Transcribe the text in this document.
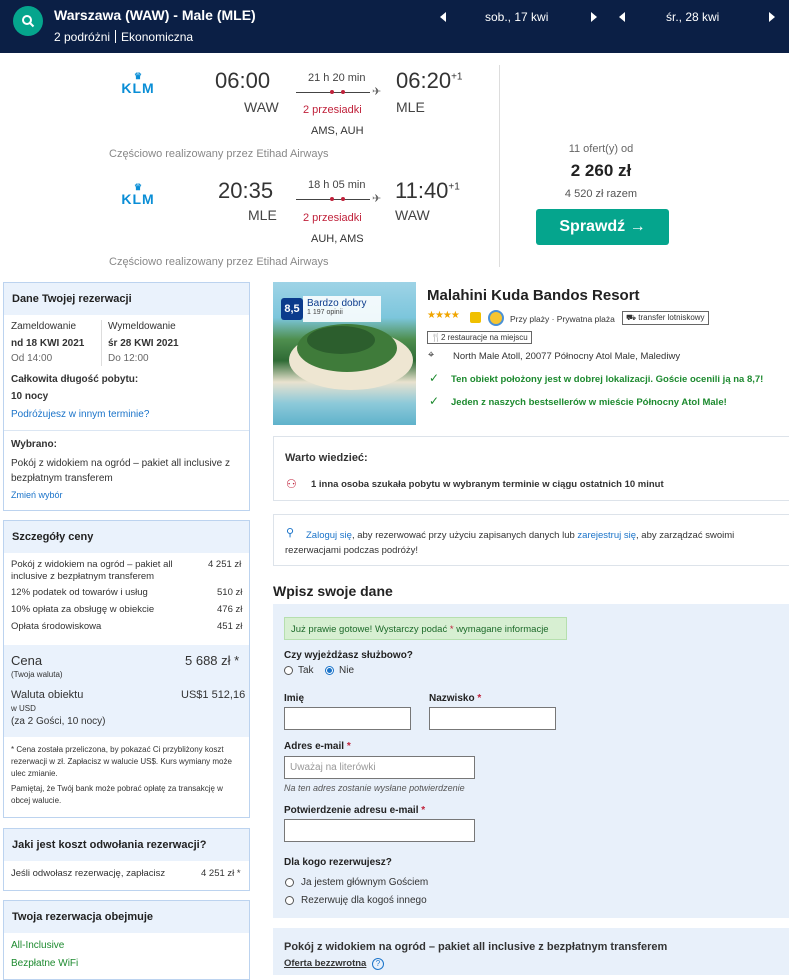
Warszawa (WAW) - Male (MLE)
2 podróżni Ekonomiczna
sob., 17 kwi	śr., 28 kwi
♛
KLM	06:00
WAW
21 h 20 min
✈
2 przesiadki
AMS, AUH
$06:20^{+1}$
MLE
Częściowo realizowany przez Etihad Airways
♛
KLM	20:35
MLE
18 h 05 min
✈
2 przesiadki
AUH, AMS
$11:40^{+1}$
WAW
Częściowo realizowany przez Etihad Airways
11 ofert(y) od
2 260 zł
4 520 zł razem
Sprawdź →
Dane Twojej rezerwacji
Zameldowanie
nd 18 KWI 2021
Od 14:00
Wymeldowanie
śr 28 KWI 2021
Do 12:00
Całkowita długość pobytu:
10 nocy
Podróżujesz w innym terminie?
Wybrano:
Pokój z widokiem na ogród – pakiet all inclusive z bezpłatnym transferem
Zmień wybór
Szczegóły ceny
Pokój z widokiem na ogród – pakiet all inclusive z bezpłatnym transferem
4 251 zł
12% podatek od towarów i usług	510 zł
10% opłata za obsługę w obiekcie	476 zł
Opłata środowiskowa	451 zł
Cena
(Twoja waluta)
5 688 zł *
Waluta obiektu
w USD
US$1 512,16
(za 2 Gości, 10 nocy)
* Cena została przeliczona, by pokazać Ci przybliżony koszt rezerwacji w zł. Zapłacisz w walucie US$. Kurs wymiany może ulec zmianie.
Pamiętaj, że Twój bank może pobrać opłatę za transakcję w obcej walucie.
Jaki jest koszt odwołania rezerwacji?
Jeśli odwołasz rezerwację, zapłacisz	4 251 zł *
Twoja rezerwacja obejmuje
All-Inclusive
Bezpłatne WiFi
8,5 Bardzo dobry
1 197 opinii
Malahini Kuda Bandos Resort
★★★★	Przy plaży · Prywatna plaża	⛟ transfer lotniskowy
🍴2 restauracje na miejscu
⌖ North Male Atoll, 20077 Północny Atol Male, Malediwy
✓ Ten obiekt położony jest w dobrej lokalizacji. Goście ocenili ją na 8,7!
✓ Jeden z naszych bestsellerów w mieście Północny Atol Male!
Warto wiedzieć:
⚇ 1 inna osoba szukała pobytu w wybranym terminie w ciągu ostatnich 10 minut
⚲ Zaloguj się, aby rezerwować przy użyciu zapisanych danych lub zarejestruj się, aby zarządzać swoimi
rezerwacjami podczas podróży!
Wpisz swoje dane
Już prawie gotowe! Wystarczy podać * wymagane informacje
Czy wyjeżdżasz służbowo?
Tak	Nie
Imię	Nazwisko *
Adres e-mail *
Uważaj na literówki
Na ten adres zostanie wysłane potwierdzenie
Potwierdzenie adresu e-mail *
Dla kogo rezerwujesz?
Ja jestem głównym Gościem
Rezerwuję dla kogoś innego
Pokój z widokiem na ogród – pakiet all inclusive z bezpłatnym transferem
Oferta bezzwrotna	?
